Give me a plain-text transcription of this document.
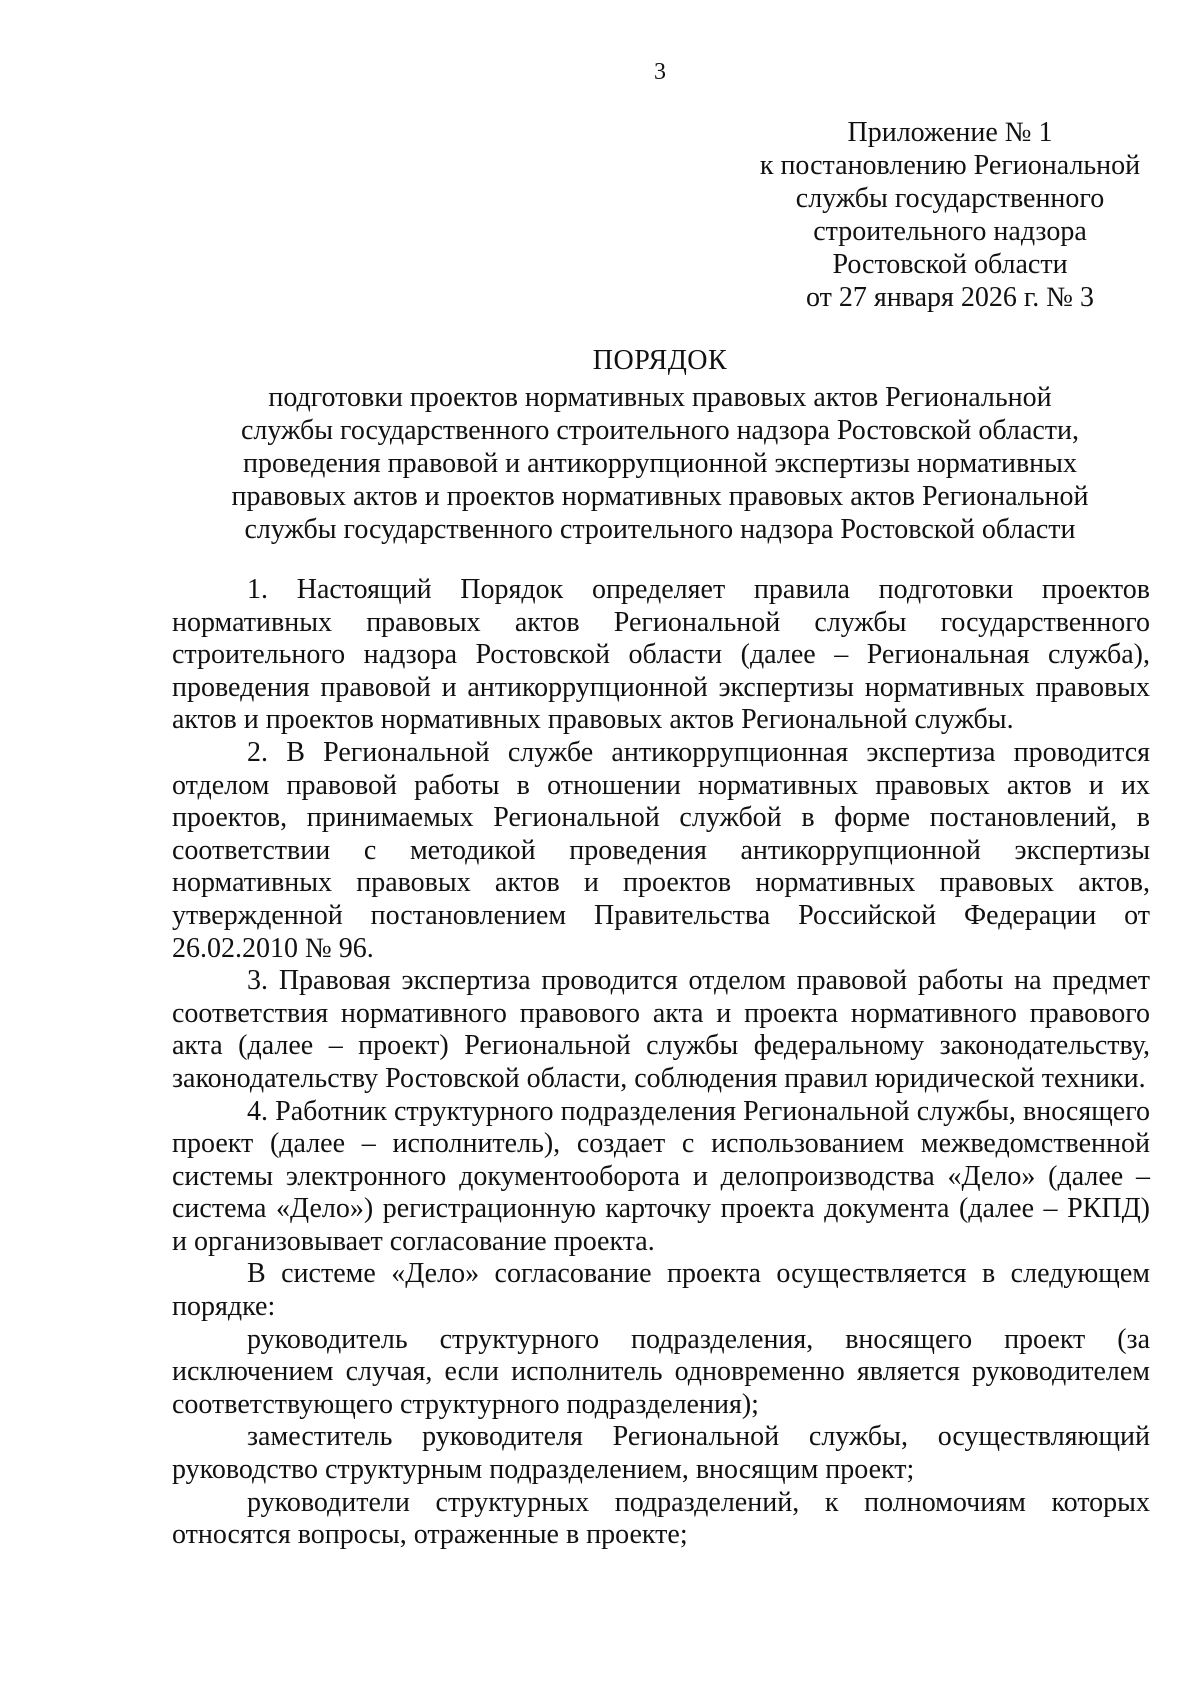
3
Приложение № 1
к постановлению Региональной
службы государственного
строительного надзора
Ростовской области
от 27 января 2026 г. № 3
ПОРЯДОК
подготовки проектов нормативных правовых актов Региональной
службы государственного строительного надзора Ростовской области,
проведения правовой и антикоррупционной экспертизы нормативных
правовых актов и проектов нормативных правовых актов Региональной
службы государственного строительного надзора Ростовской области

1. Настоящий Порядок определяет правила подготовки проектов нормативных правовых актов Региональной службы государственного строительного надзора Ростовской области (далее – Региональная служба), проведения правовой и антикоррупционной экспертизы нормативных правовых актов и проектов нормативных правовых актов Региональной службы.

2. В Региональной службе антикоррупционная экспертиза проводится отделом правовой работы в отношении нормативных правовых актов и их проектов, принимаемых Региональной службой в форме постановлений, в соответствии с методикой проведения антикоррупционной экспертизы нормативных правовых актов и проектов нормативных правовых актов, утвержденной постановлением Правительства Российской Федерации от 26.02.2010 № 96.

3. Правовая экспертиза проводится отделом правовой работы на предмет соответствия нормативного правового акта и проекта нормативного правового акта (далее – проект) Региональной службы федеральному законодательству, законодательству Ростовской области, соблюдения правил юридической техники.

4. Работник структурного подразделения Региональной службы, вносящего проект (далее – исполнитель), создает с использованием межведомственной системы электронного документооборота и делопроизводства «Дело» (далее – система «Дело») регистрационную карточку проекта документа (далее – РКПД) и организовывает согласование проекта.

В системе «Дело» согласование проекта осуществляется в следующем порядке:

руководитель структурного подразделения, вносящего проект (за исключением случая, если исполнитель одновременно является руководителем соответствующего структурного подразделения);

заместитель руководителя Региональной службы, осуществляющий руководство структурным подразделением, вносящим проект;

руководители структурных подразделений, к полномочиям которых относятся вопросы, отраженные в проекте;
